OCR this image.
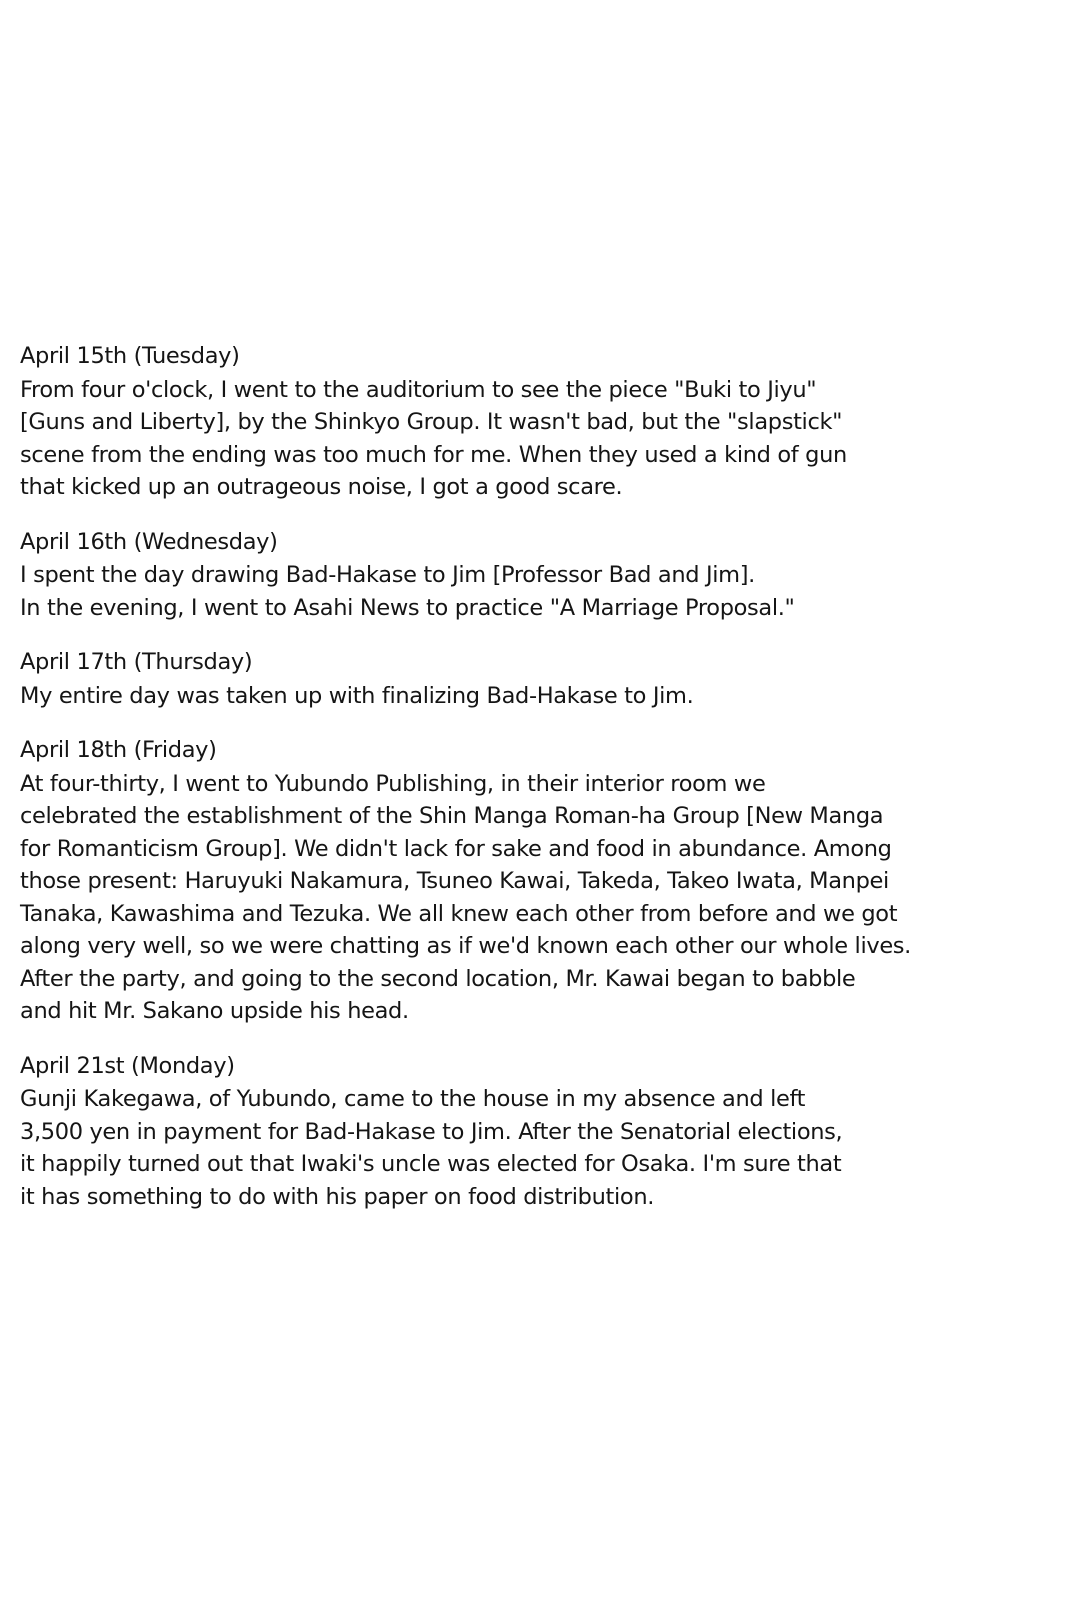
April 15th (Tuesday)
From four o'clock, I went to the auditorium to see the piece "Buki to Jiyu"
[Guns and Liberty], by the Shinkyo Group. It wasn't bad, but the "slapstick"
scene from the ending was too much for me. When they used a kind of gun
that kicked up an outrageous noise, I got a good scare.
April 16th (Wednesday)
I spent the day drawing Bad-Hakase to Jim [Professor Bad and Jim].
In the evening, I went to Asahi News to practice "A Marriage Proposal."
April 17th (Thursday)
My entire day was taken up with finalizing Bad-Hakase to Jim.
April 18th (Friday)
At four-thirty, I went to Yubundo Publishing, in their interior room we
celebrated the establishment of the Shin Manga Roman-ha Group [New Manga
for Romanticism Group]. We didn't lack for sake and food in abundance. Among
those present: Haruyuki Nakamura, Tsuneo Kawai, Takeda, Takeo Iwata, Manpei
Tanaka, Kawashima and Tezuka. We all knew each other from before and we got
along very well, so we were chatting as if we'd known each other our whole lives.
After the party, and going to the second location, Mr. Kawai began to babble
and hit Mr. Sakano upside his head.
April 21st (Monday)
Gunji Kakegawa, of Yubundo, came to the house in my absence and left
3,500 yen in payment for Bad-Hakase to Jim. After the Senatorial elections,
it happily turned out that Iwaki's uncle was elected for Osaka. I'm sure that
it has something to do with his paper on food distribution.
